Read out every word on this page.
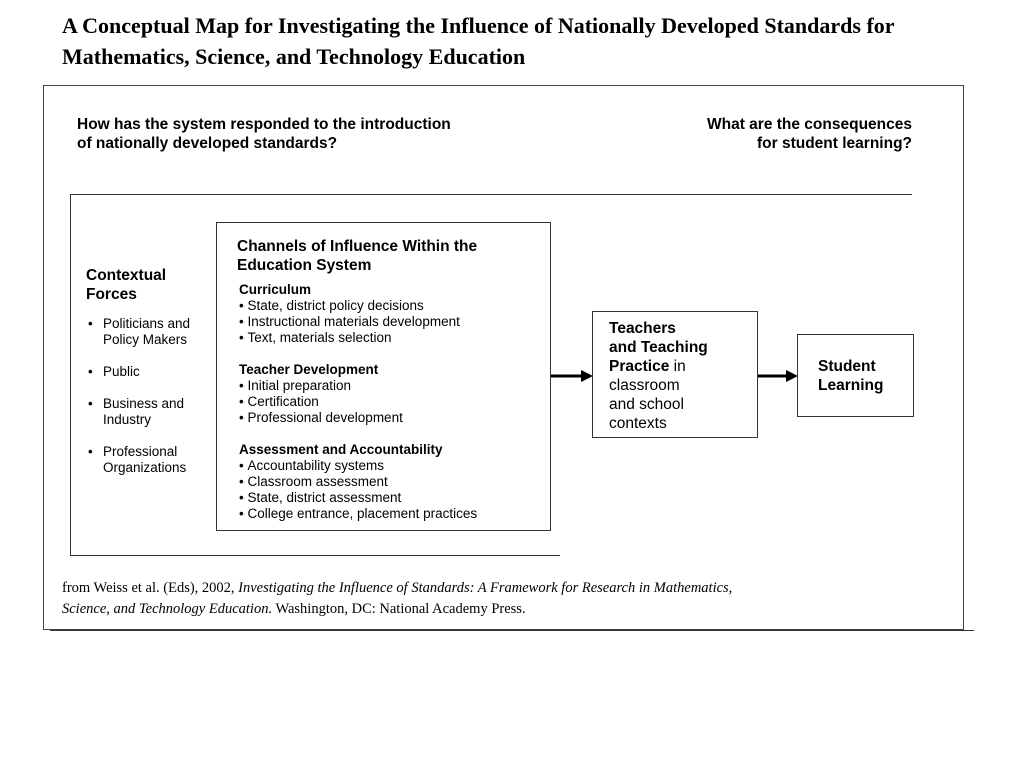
A Conceptual Map for Investigating the Influence of Nationally Developed Standards for Mathematics, Science, and Technology Education
How has the system responded to the introduction of nationally developed standards?
What are the consequences for student learning?
Contextual Forces
• Politicians and Policy Makers
• Public
• Business and Industry
• Professional Organizations
Channels of Influence Within the Education System
Curriculum
• State, district policy decisions
• Instructional materials development
• Text, materials selection
Teacher Development
• Initial preparation
• Certification
• Professional development
Assessment and Accountability
• Accountability systems
• Classroom assessment
• State, district assessment
• College entrance, placement practices
Teachers
and Teaching
Practice in
classroom
and school
contexts
Student
Learning

from Weiss et al. (Eds), 2002, Investigating the Influence of Standards: A Framework for Research in Mathematics, Science, and Technology Education. Washington, DC: National Academy Press.
